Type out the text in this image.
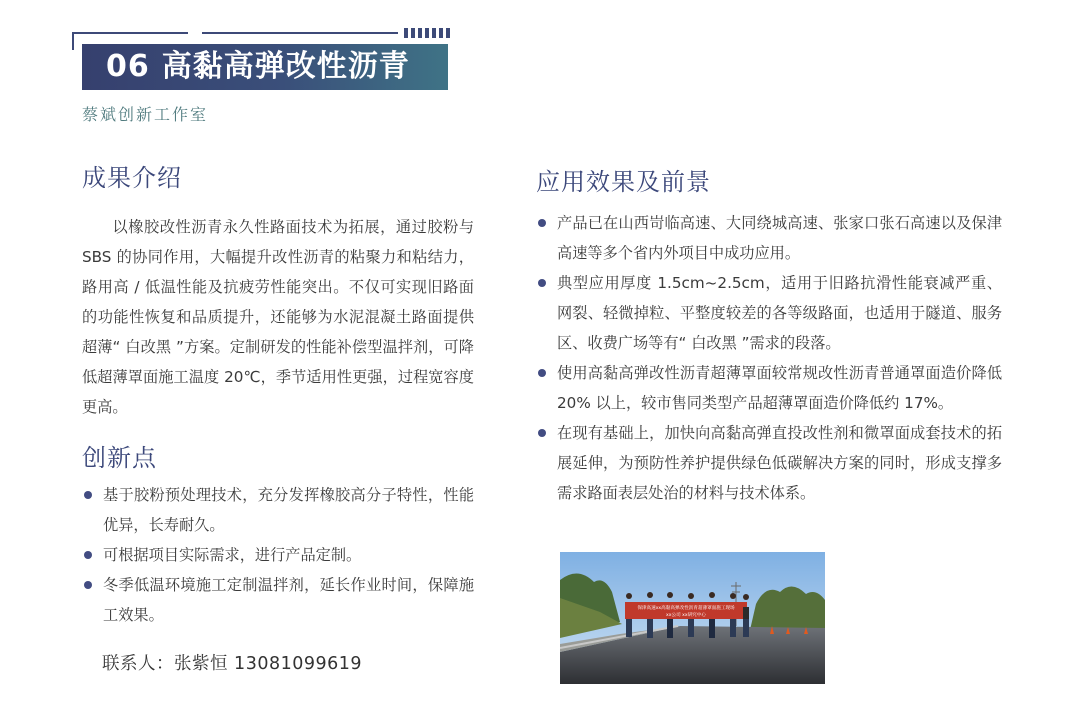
06 高黏高弹改性沥青
蔡斌创新工作室
成果介绍
以橡胶改性沥青永久性路面技术为拓展，通过胶粉与 SBS 的协同作用，大幅提升改性沥青的粘聚力和粘结力，路用高 / 低温性能及抗疲劳性能突出。不仅可实现旧路面的功能性恢复和品质提升，还能够为水泥混凝土路面提供超薄“ 白改黑 ”方案。定制研发的性能补偿型温拌剂，可降低超薄罩面施工温度 20℃，季节适用性更强，过程宽容度更高。
创新点
基于胶粉预处理技术，充分发挥橡胶高分子特性，性能优异，长寿耐久。
可根据项目实际需求，进行产品定制。
冬季低温环境施工定制温拌剂，延长作业时间，保障施工效果。
联系人：张紫恒 13081099619
应用效果及前景
产品已在山西岢临高速、大同绕城高速、张家口张石高速以及保津高速等多个省内外项目中成功应用。
典型应用厚度 1.5cm~2.5cm，适用于旧路抗滑性能衰减严重、网裂、轻微掉粒、平整度较差的各等级路面，也适用于隧道、服务区、收费广场等有“ 白改黑 ”需求的段落。
使用高黏高弹改性沥青超薄罩面较常规改性沥青普通罩面造价降低 20% 以上，较市售同类型产品超薄罩面造价降低约 17%。
在现有基础上，加快向高黏高弹直投改性剂和微罩面成套技术的拓展延伸，为预防性养护提供绿色低碳解决方案的同时，形成支撑多需求路面表层处治的材料与技术体系。
保津高速xx高黏高弹改性沥青超薄罩面施工现场
xx公司 xx研究中心
